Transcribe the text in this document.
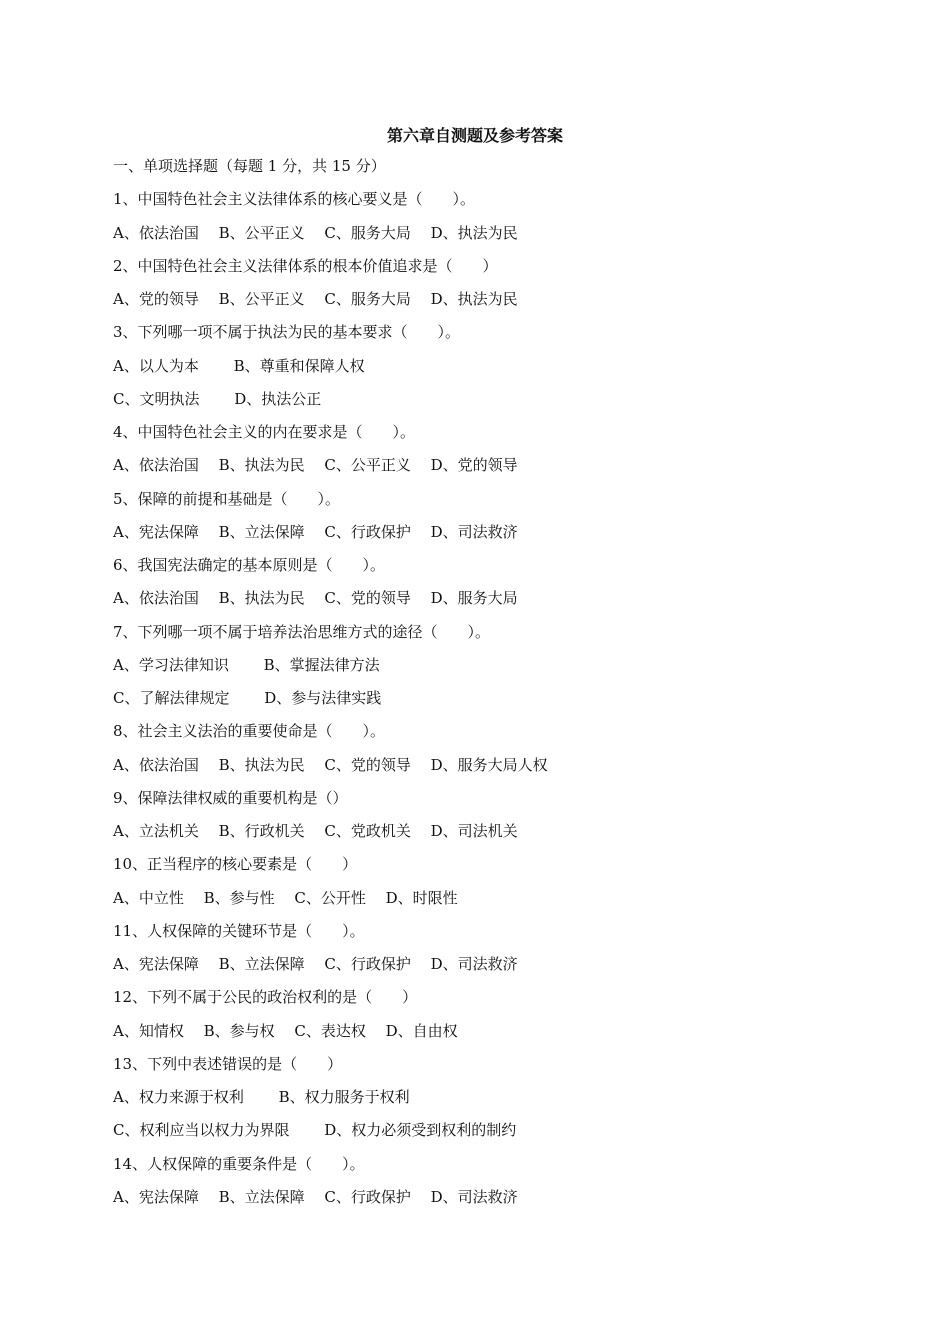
第六章自测题及参考答案
一、单项选择题（每题 1 分，共 15 分）
1、中国特色社会主义法律体系的核心要义是（　　）。
A、依法治国　 B、公平正义　 C、服务大局　 D、执法为民
2、中国特色社会主义法律体系的根本价值追求是（　　）
A、党的领导　 B、公平正义　 C、服务大局　 D、执法为民
3、下列哪一项不属于执法为民的基本要求（　　）。
A、以人为本　　 B、尊重和保障人权
C、文明执法　　 D、执法公正
4、中国特色社会主义的内在要求是（　　）。
A、依法治国　 B、执法为民　 C、公平正义　 D、党的领导
5、保障的前提和基础是（　　）。
A、宪法保障　 B、立法保障　 C、行政保护　 D、司法救济
6、我国宪法确定的基本原则是（　　）。
A、依法治国　 B、执法为民　 C、党的领导　 D、服务大局
7、下列哪一项不属于培养法治思维方式的途径（　　）。
A、学习法律知识　　 B、掌握法律方法
C、了解法律规定　　 D、参与法律实践
8、社会主义法治的重要使命是（　　）。
A、依法治国　 B、执法为民　 C、党的领导　 D、服务大局人权
9、保障法律权威的重要机构是（）
A、立法机关　 B、行政机关　 C、党政机关　 D、司法机关
10、正当程序的核心要素是（　　）
A、中立性　 B、参与性　 C、公开性　 D、时限性
11、人权保障的关键环节是（　　）。
A、宪法保障　 B、立法保障　 C、行政保护　 D、司法救济
12、下列不属于公民的政治权利的是（　　）
A、知情权　 B、参与权　 C、表达权　 D、自由权
13、下列中表述错误的是（　　）
A、权力来源于权利　　 B、权力服务于权利
C、权利应当以权力为界限　　 D、权力必须受到权利的制约
14、人权保障的重要条件是（　　）。
A、宪法保障　 B、立法保障　 C、行政保护　 D、司法救济
